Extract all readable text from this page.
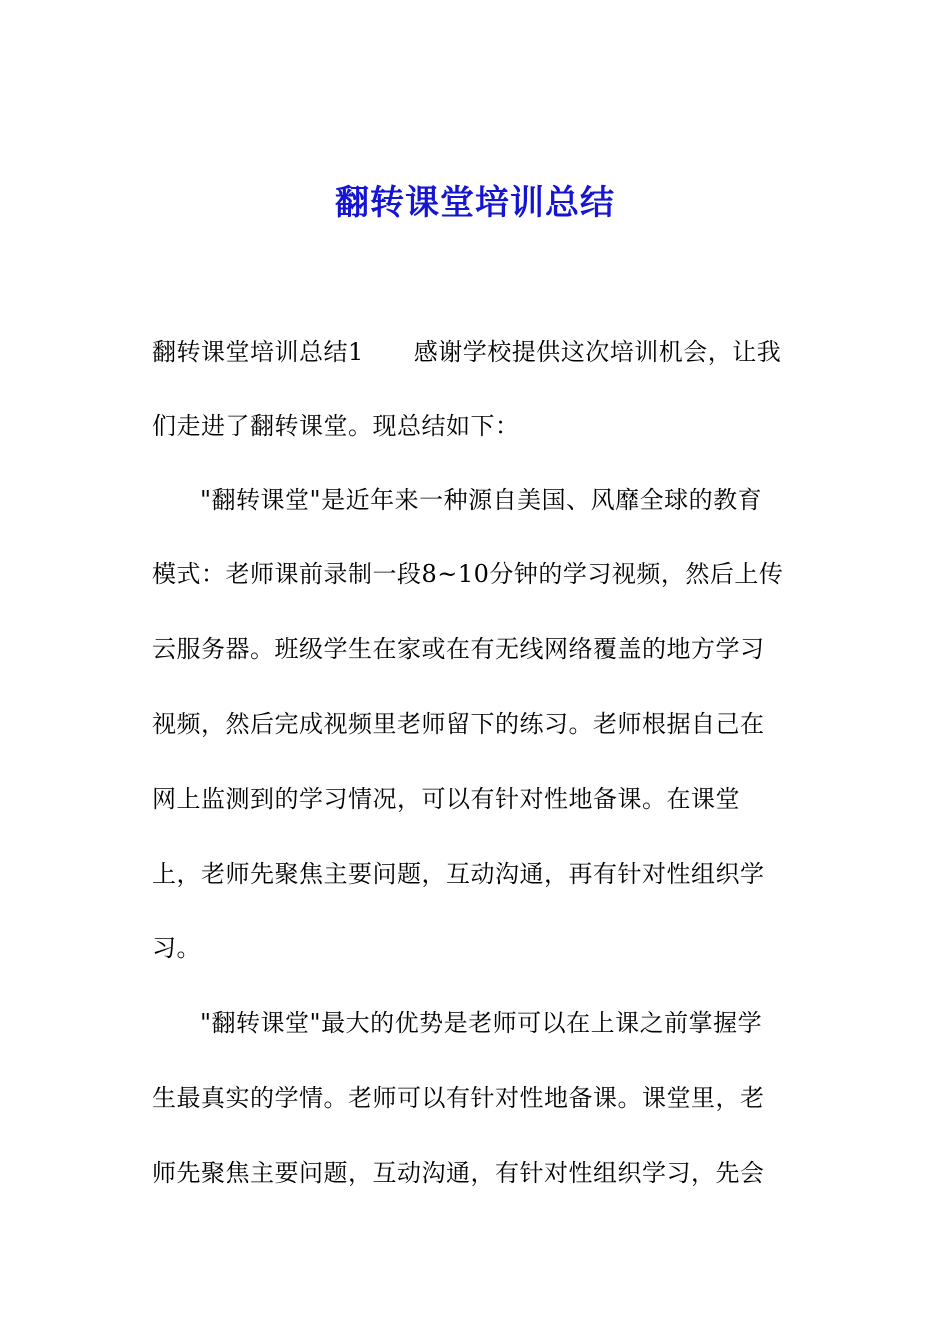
翻转课堂培训总结
翻转课堂培训总结1 感谢学校提供这次培训机会，让我
们走进了翻转课堂。现总结如下：
"翻转课堂"是近年来一种源自美国、风靡全球的教育
模式：老师课前录制一段8~10分钟的学习视频，然后上传
云服务器。班级学生在家或在有无线网络覆盖的地方学习
视频，然后完成视频里老师留下的练习。老师根据自己在
网上监测到的学习情况，可以有针对性地备课。在课堂
上，老师先聚焦主要问题，互动沟通，再有针对性组织学
习。
"翻转课堂"最大的优势是老师可以在上课之前掌握学
生最真实的学情。老师可以有针对性地备课。课堂里，老
师先聚焦主要问题，互动沟通，有针对性组织学习，先会
